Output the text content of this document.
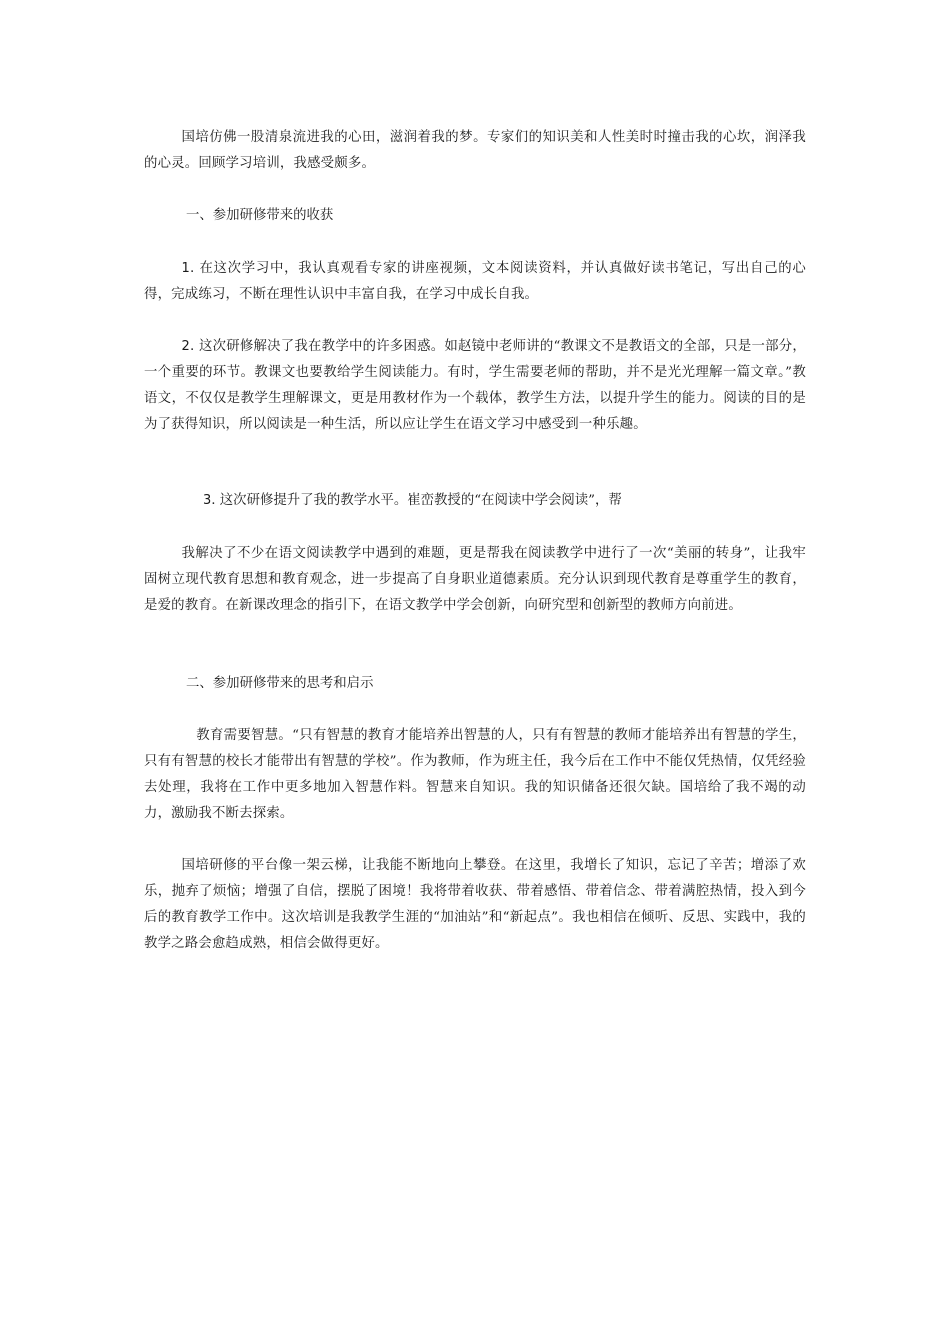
国培仿佛一股清泉流进我的心田，滋润着我的梦。专家们的知识美和人性美时时撞击我的心坎，润泽我的心灵。回顾学习培训，我感受颇多。

一、参加研修带来的收获

1. 在这次学习中，我认真观看专家的讲座视频，文本阅读资料，并认真做好读书笔记，写出自己的心得，完成练习，不断在理性认识中丰富自我，在学习中成长自我。

2. 这次研修解决了我在教学中的许多困惑。如赵镜中老师讲的“教课文不是教语文的全部，只是一部分，一个重要的环节。教课文也要教给学生阅读能力。有时，学生需要老师的帮助，并不是光光理解一篇文章。”教语文，不仅仅是教学生理解课文，更是用教材作为一个载体，教学生方法，以提升学生的能力。阅读的目的是为了获得知识，所以阅读是一种生活，所以应让学生在语文学习中感受到一种乐趣。

3. 这次研修提升了我的教学水平。崔峦教授的“在阅读中学会阅读”，帮

我解决了不少在语文阅读教学中遇到的难题，更是帮我在阅读教学中进行了一次“美丽的转身”，让我牢固树立现代教育思想和教育观念，进一步提高了自身职业道德素质。充分认识到现代教育是尊重学生的教育，是爱的教育。在新课改理念的指引下，在语文教学中学会创新，向研究型和创新型的教师方向前进。

二、参加研修带来的思考和启示

教育需要智慧。“只有智慧的教育才能培养出智慧的人，只有有智慧的教师才能培养出有智慧的学生，只有有智慧的校长才能带出有智慧的学校”。作为教师，作为班主任，我今后在工作中不能仅凭热情，仅凭经验去处理，我将在工作中更多地加入智慧作料。智慧来自知识。我的知识储备还很欠缺。国培给了我不竭的动力，激励我不断去探索。

国培研修的平台像一架云梯，让我能不断地向上攀登。在这里，我增长了知识，忘记了辛苦；增添了欢乐，抛弃了烦恼；增强了自信，摆脱了困境！我将带着收获、带着感悟、带着信念、带着满腔热情，投入到今后的教育教学工作中。这次培训是我教学生涯的“加油站”和“新起点”。我也相信在倾听、反思、实践中，我的教学之路会愈趋成熟，相信会做得更好。
